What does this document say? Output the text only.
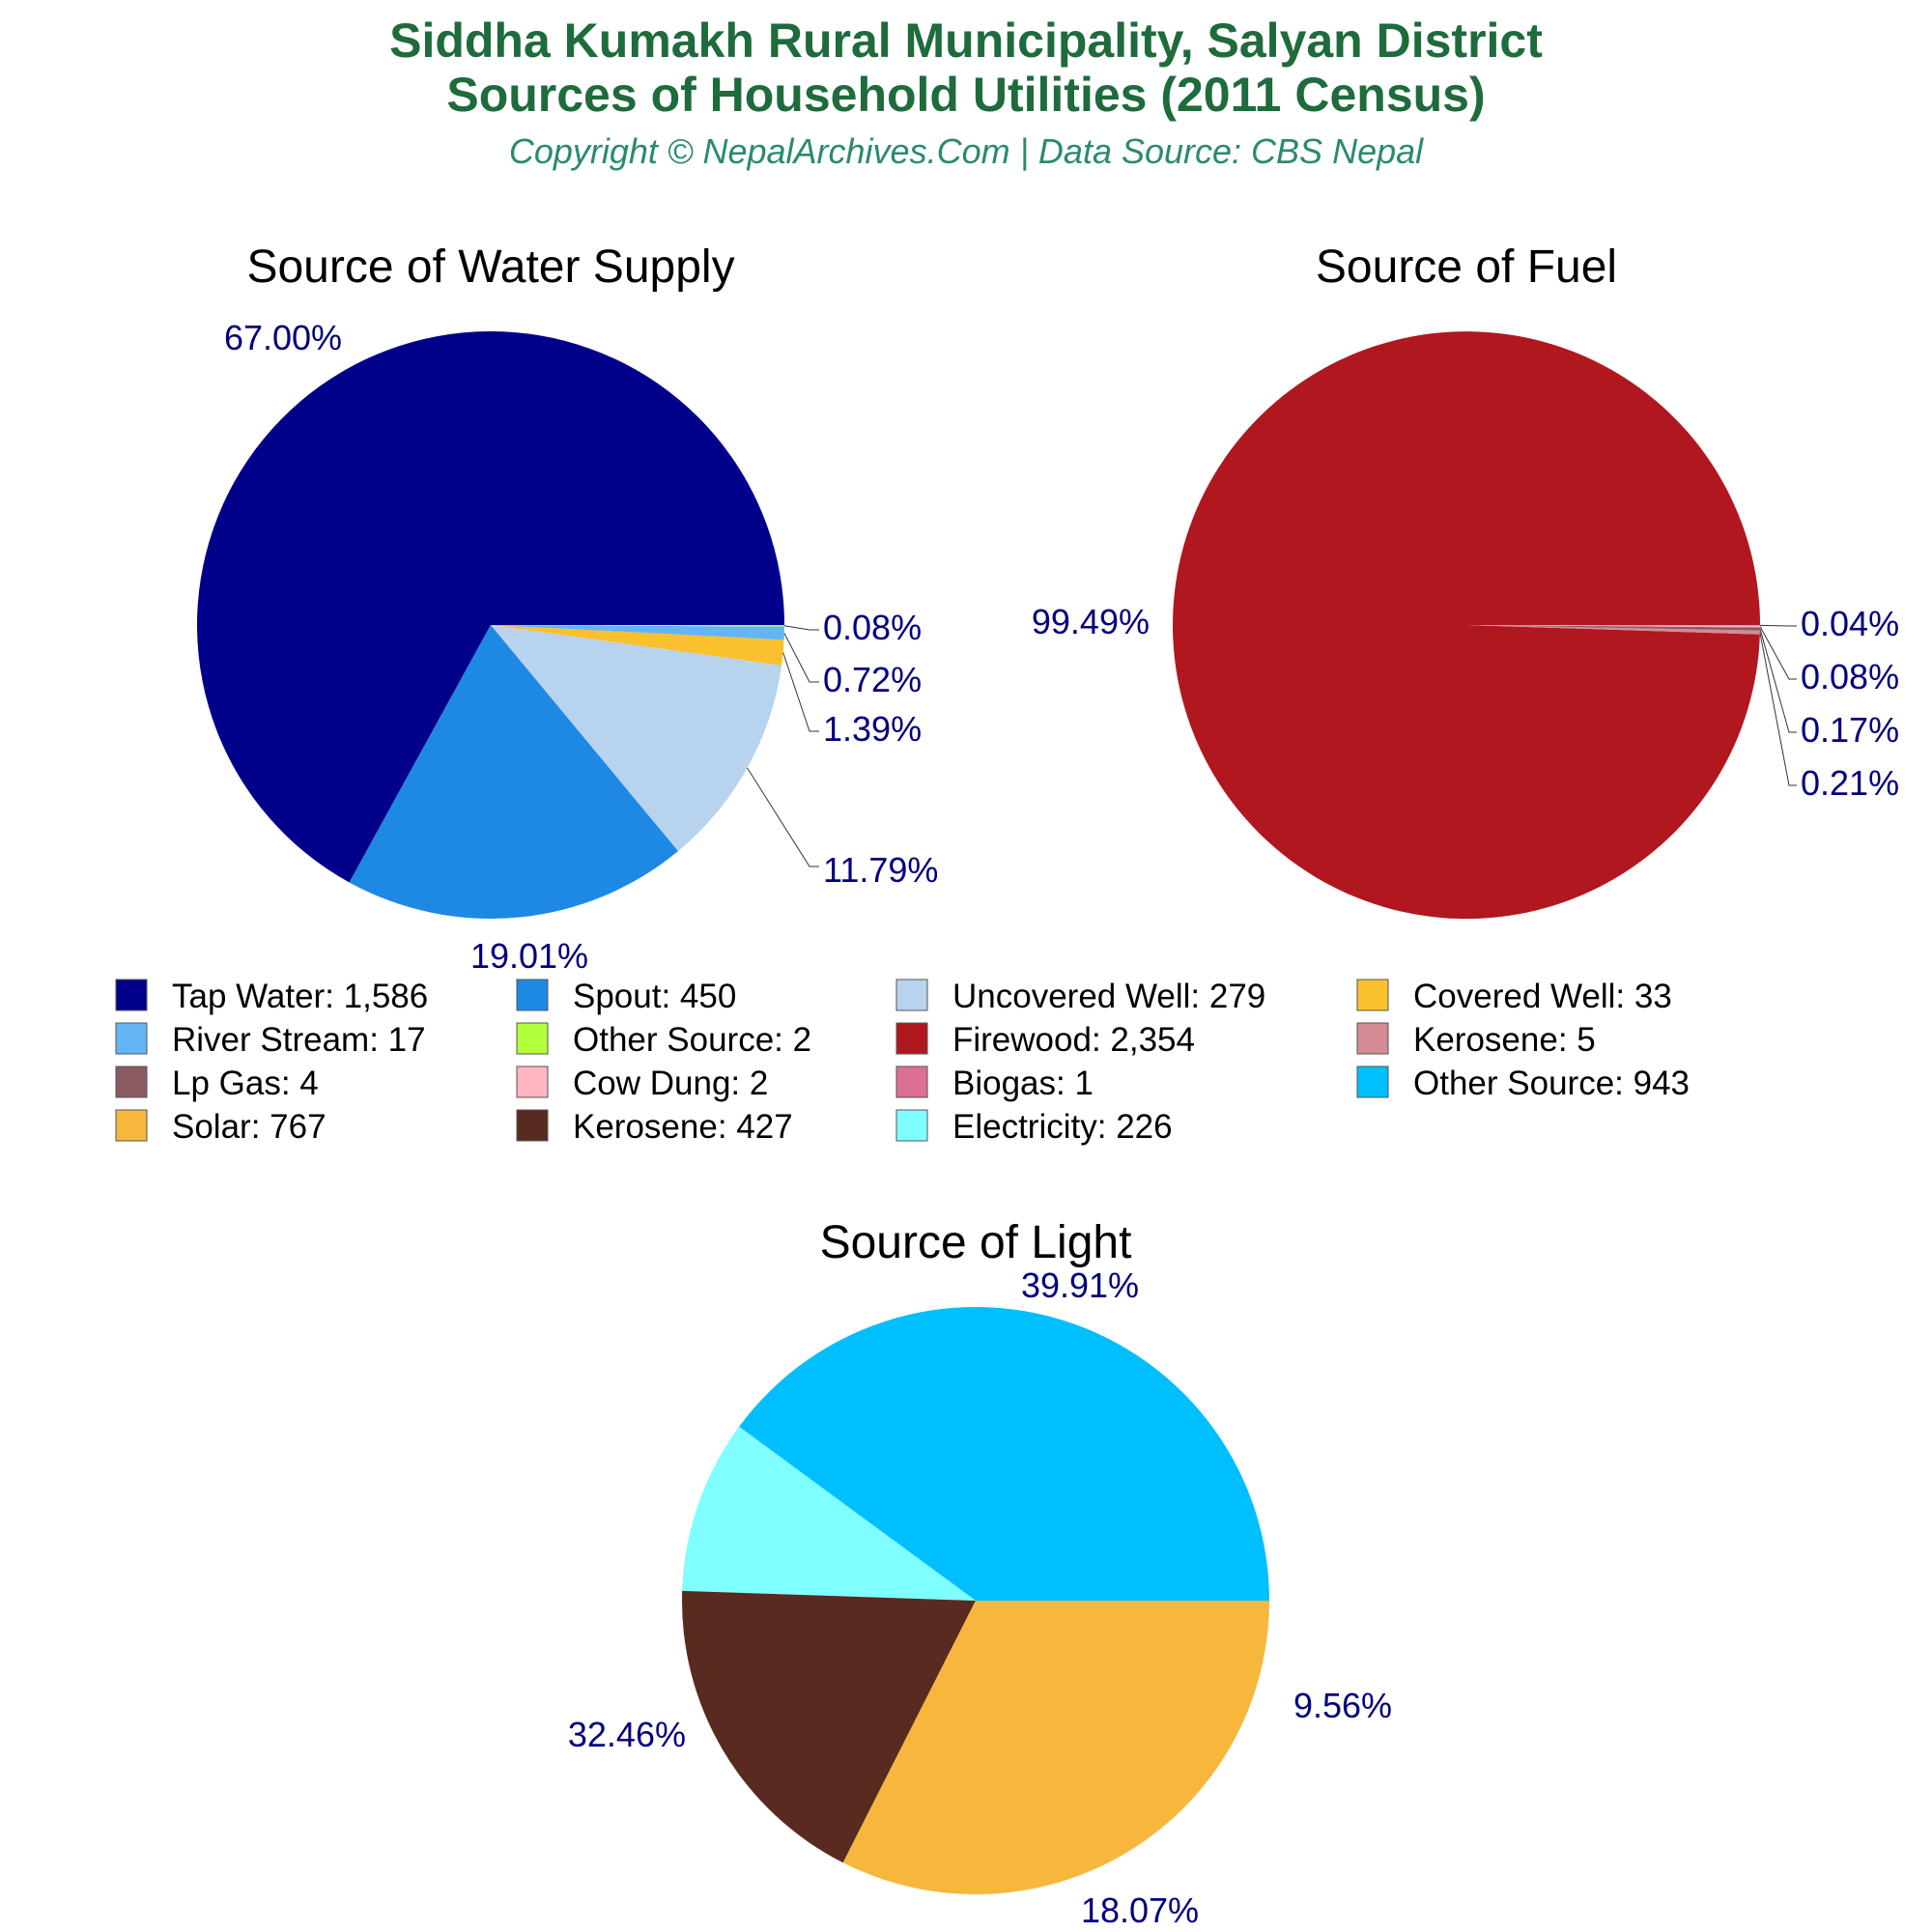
Siddha Kumakh Rural Municipality, Salyan District
Sources of Household Utilities (2011 Census)
Copyright © NepalArchives.Com | Data Source: CBS Nepal
Source of Water Supply
67.00%
19.01%
11.79%
1.39%
0.72%
0.08%
Source of Fuel
99.49%
0.21%
0.17%
0.08%
0.04%
Source of Light
39.91%
9.56%
18.07%
32.46%
Tap Water: 1,586	Spout: 450	Uncovered Well: 279	Covered Well: 33
River Stream: 17	Other Source: 2	Firewood: 2,354	Kerosene: 5
Lp Gas: 4	Cow Dung: 2	Biogas: 1	Other Source: 943
Solar: 767	Kerosene: 427	Electricity: 226
